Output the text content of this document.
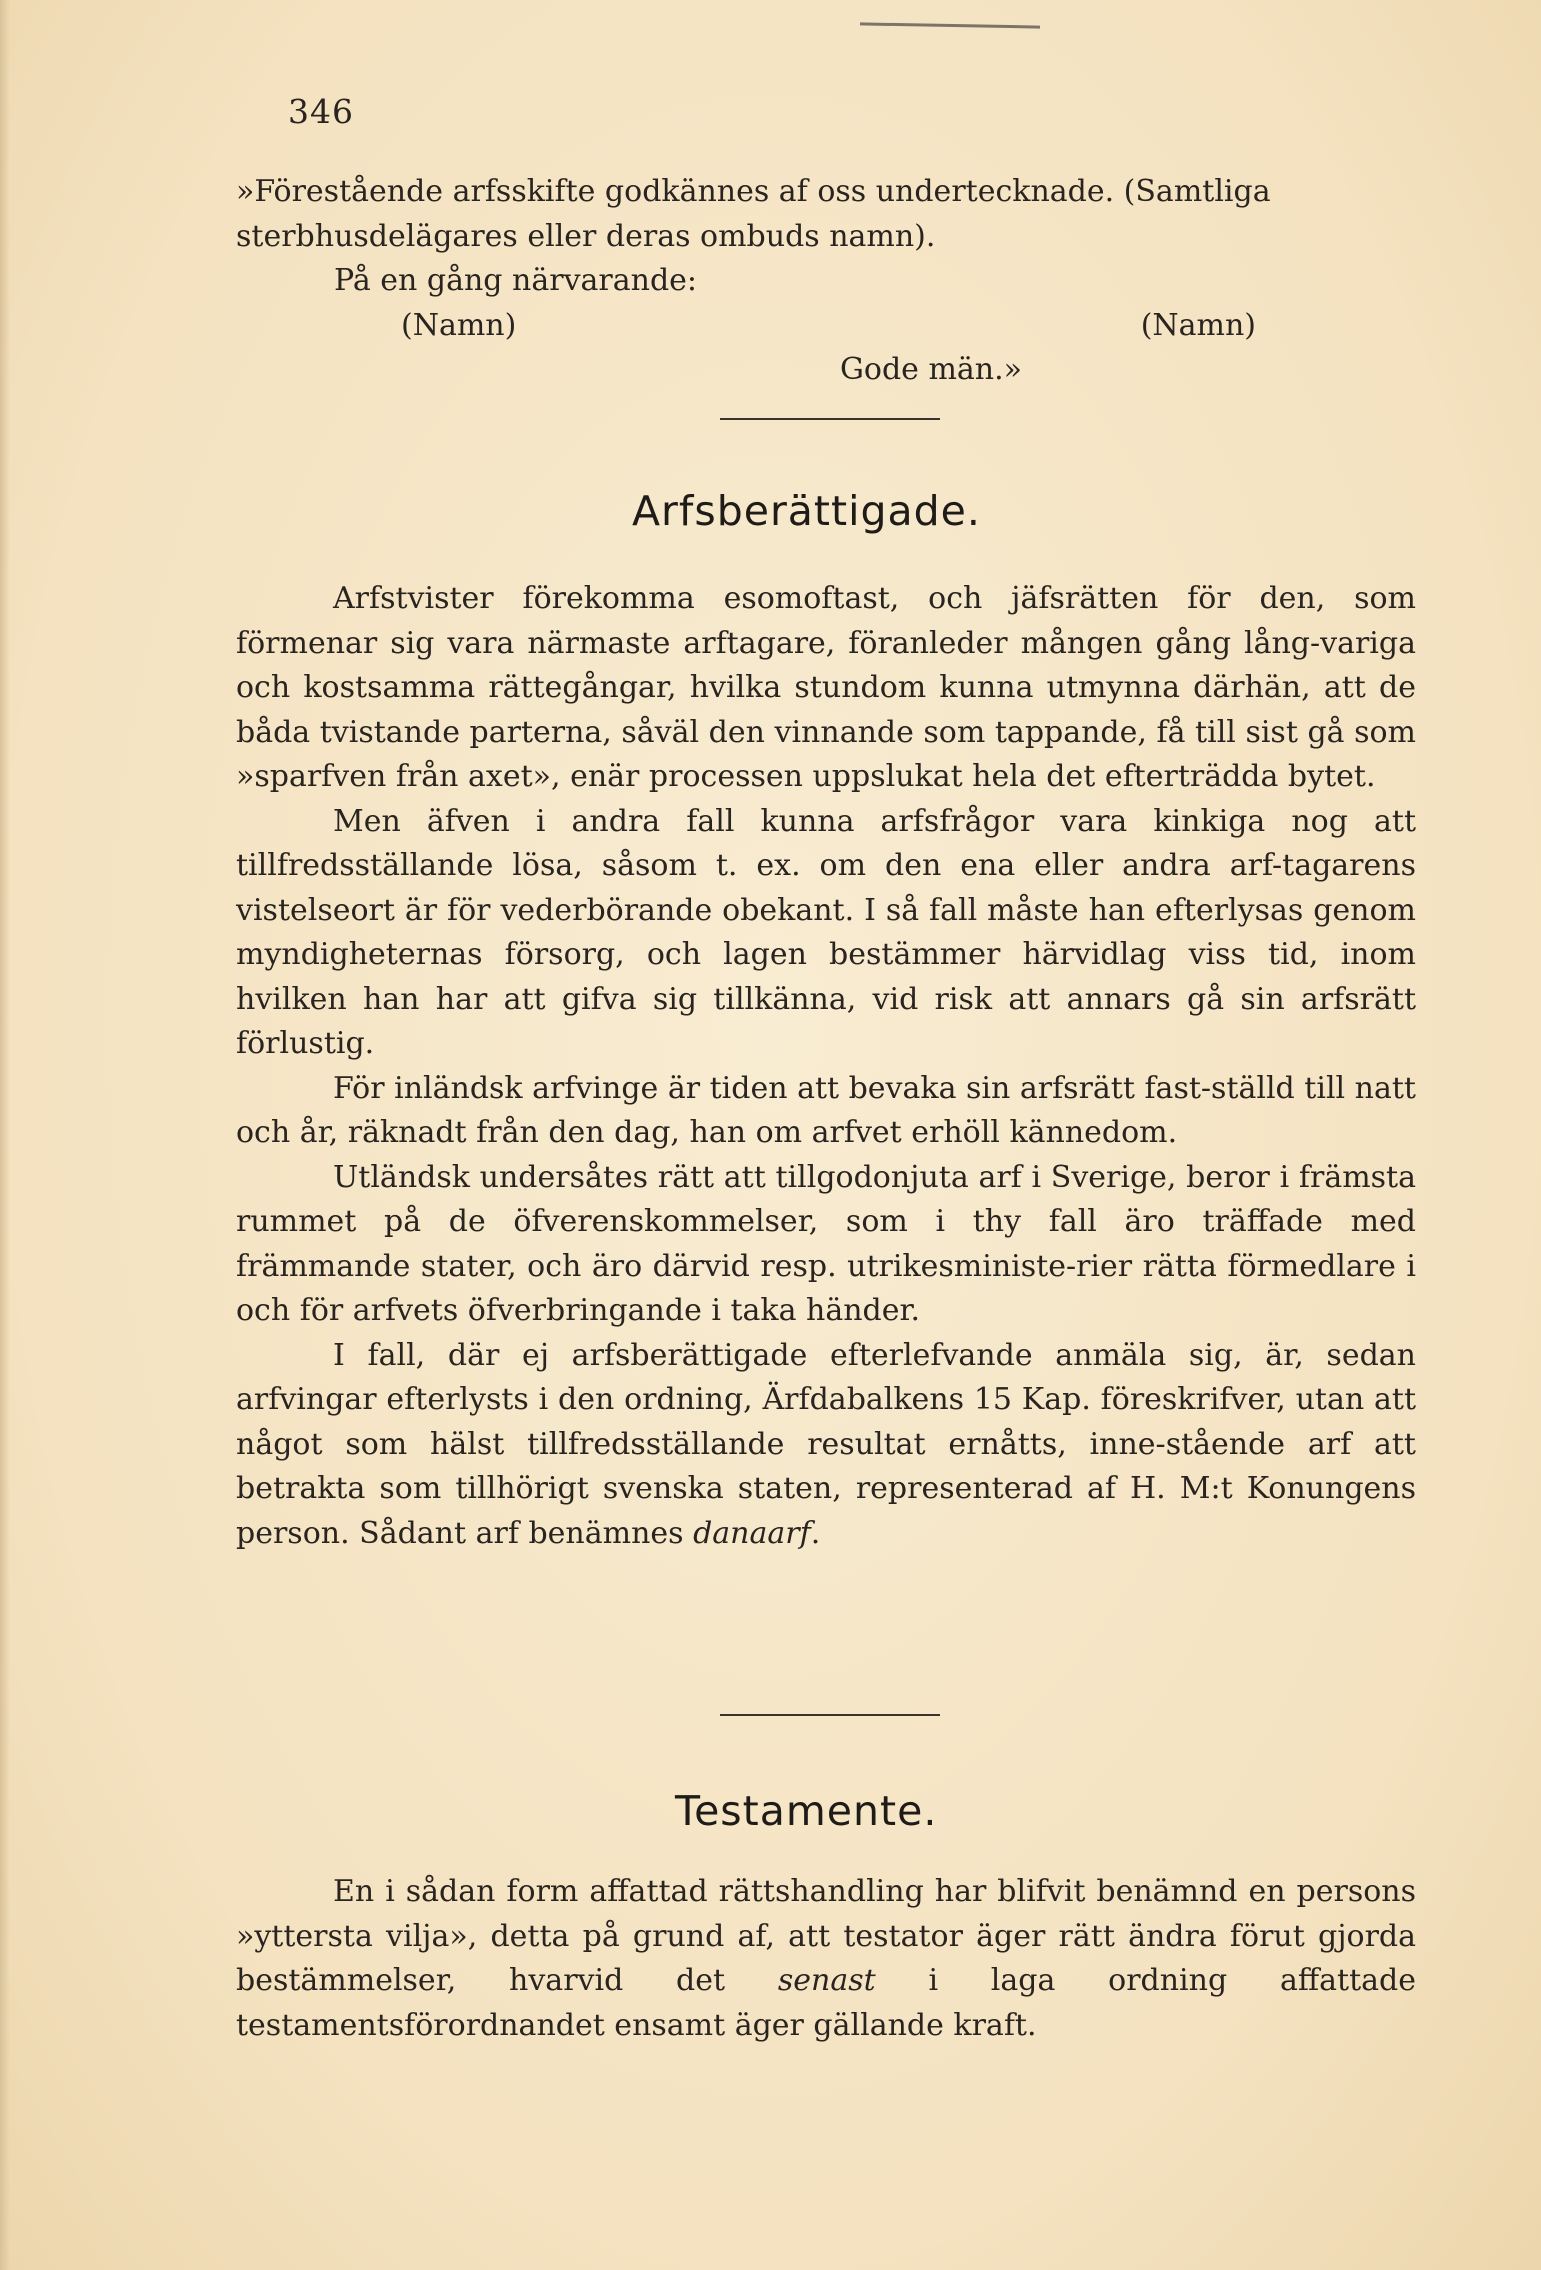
346
»Förestående arfsskifte godkännes af oss undertecknade. (Samtliga
sterbhusdelägares eller deras ombuds namn).
På en gång närvarande:
(Namn)	(Namn)
Gode män.»
Arfsberättigade.

Arfstvister förekomma esomoftast, och jäfsrätten för den, som förmenar sig vara närmaste arftagare, föranleder mången gång lång-variga och kostsamma rättegångar, hvilka stundom kunna utmynna därhän, att de båda tvistande parterna, såväl den vinnande som tappande, få till sist gå som »sparfven från axet», enär processen uppslukat hela det efterträdda bytet.

Men äfven i andra fall kunna arfsfrågor vara kinkiga nog att tillfredsställande lösa, såsom t. ex. om den ena eller andra arf-tagarens vistelseort är för vederbörande obekant. I så fall måste han efterlysas genom myndigheternas försorg, och lagen bestämmer härvidlag viss tid, inom hvilken han har att gifva sig tillkänna, vid risk att annars gå sin arfsrätt förlustig.

För inländsk arfvinge är tiden att bevaka sin arfsrätt fast-ställd till natt och år, räknadt från den dag, han om arfvet erhöll kännedom.

Utländsk undersåtes rätt att tillgodonjuta arf i Sverige, beror i främsta rummet på de öfverenskommelser, som i thy fall äro träffade med främmande stater, och äro därvid resp. utrikesministe-rier rätta förmedlare i och för arfvets öfverbringande i taka händer.

I fall, där ej arfsberättigade efterlefvande anmäla sig, är, sedan arfvingar efterlysts i den ordning, Ärfdabalkens 15 Kap. föreskrifver, utan att något som hälst tillfredsställande resultat ernåtts, inne-stående arf att betrakta som tillhörigt svenska staten, representerad af H. M:t Konungens person. Sådant arf benämnes danaarf.

Testamente.

En i sådan form affattad rättshandling har blifvit benämnd en persons »yttersta vilja», detta på grund af, att testator äger rätt ändra förut gjorda bestämmelser, hvarvid det senast i laga ordning affattade testamentsförordnandet ensamt äger gällande kraft.
